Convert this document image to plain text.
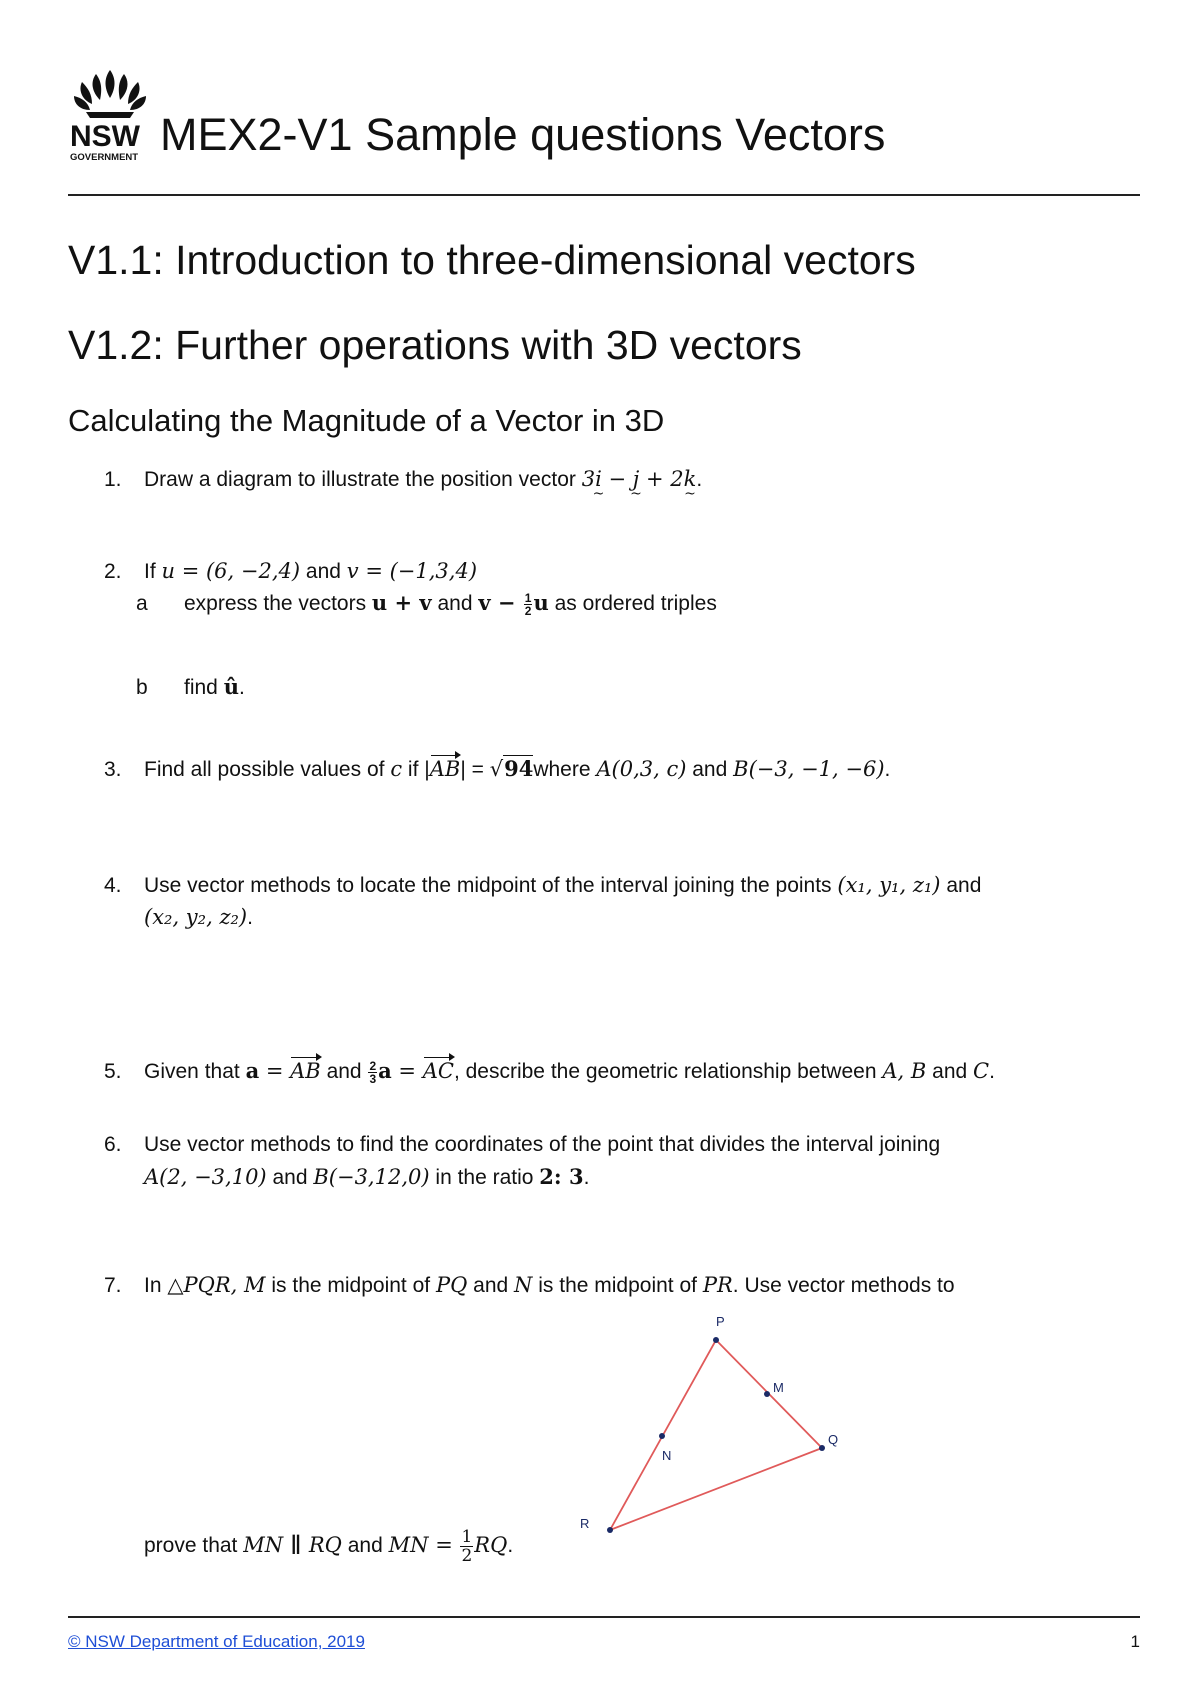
NSW
GOVERNMENT MEX2-V1 Sample questions Vectors
V1.1: Introduction to three-dimensional vectors
V1.2: Further operations with 3D vectors
Calculating the Magnitude of a Vector in 3D
1. Draw a diagram to illustrate the position vector 3i ~ − j ~ + 2k ~.
2. If u = (6, −2,4) and v = (−1,3,4)
a express the vectors u + v and $v - \frac{1}{2}$ u as ordered triples
b find û.
3. Find all possible values of c if |AB| = √94where A(0,3, c) and B(−3, −1, −6).
4. Use vector methods to locate the midpoint of the interval joining the points (x₁, y₁, z₁) and
(x₂, y₂, z₂).
5. Given that a = AB and $\frac{2}{3}$ a = AC, describe the geometric relationship between A, B and C.
6. Use vector methods to find the coordinates of the point that divides the interval joining
A(2, −3,10) and B(−3,12,0) in the ratio 2: 3.
7. In △PQR, M is the midpoint of PQ and N is the midpoint of PR. Use vector methods to
prove that MN ∥ RQ and MN = $\frac{1}{2}$ RQ.
P
Q
R
M
N
© NSW Department of Education, 2019	1
